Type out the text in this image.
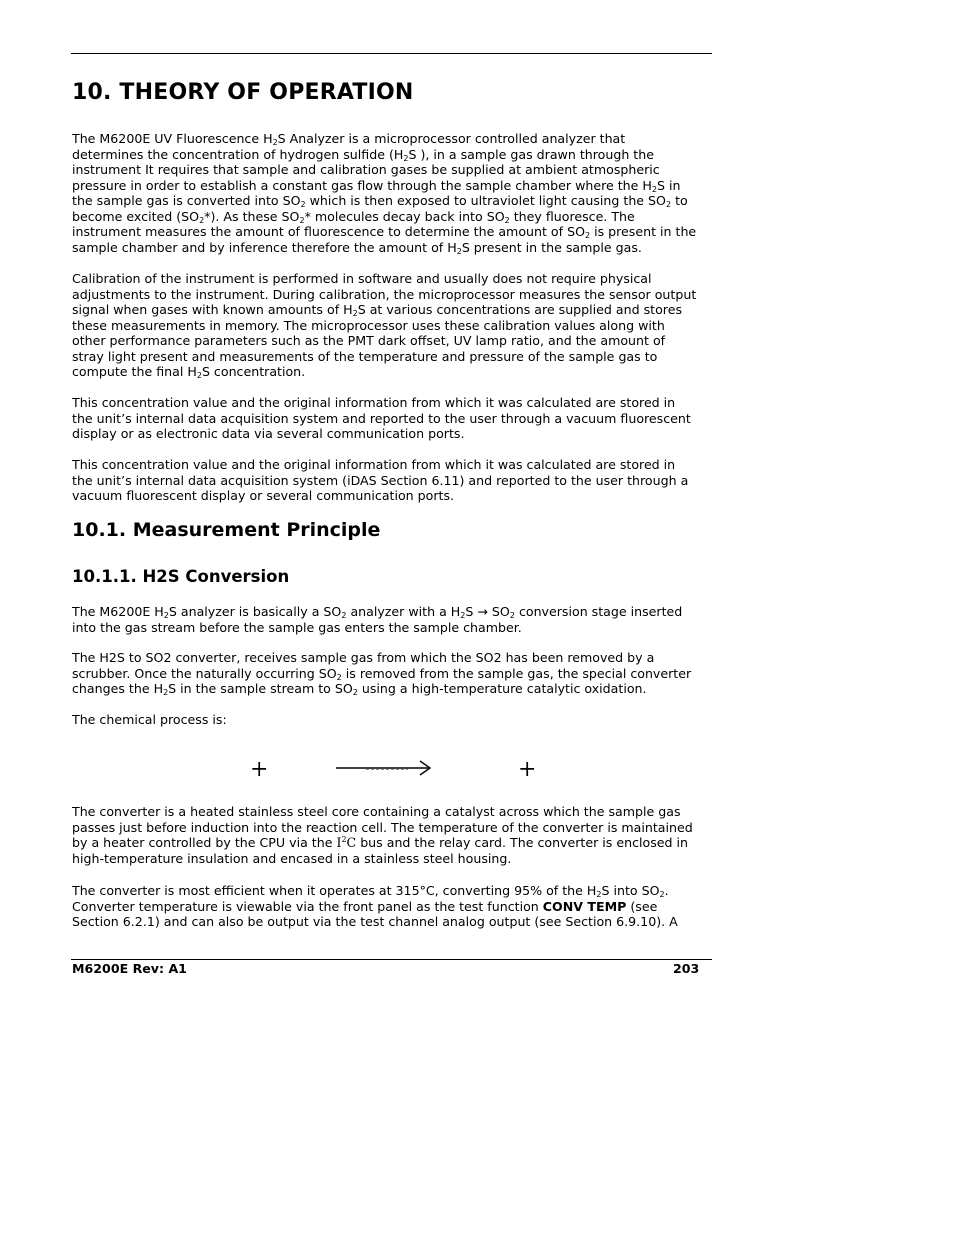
10. THEORY OF OPERATION
The M6200E UV Fluorescence $H_2S$ Analyzer is a microprocessor controlled analyzer that
determines the concentration of hydrogen sulfide ($H_2S$ ), in a sample gas drawn through the
instrument It requires that sample and calibration gases be supplied at ambient atmospheric
pressure in order to establish a constant gas flow through the sample chamber where the $H_2S$ in
the sample gas is converted into $SO_2$ which is then exposed to ultraviolet light causing the $SO_2$ to
become excited $(SO_2*)$. As these $SO_2*$ molecules decay back into $SO_2$ they fluoresce. The
instrument measures the amount of fluorescence to determine the amount of $SO_2$ is present in the
sample chamber and by inference therefore the amount of $H_2S$ present in the sample gas.
Calibration of the instrument is performed in software and usually does not require physical
adjustments to the instrument. During calibration, the microprocessor measures the sensor output
signal when gases with known amounts of $H_2S$ at various concentrations are supplied and stores
these measurements in memory. The microprocessor uses these calibration values along with
other performance parameters such as the PMT dark offset, UV lamp ratio, and the amount of
stray light present and measurements of the temperature and pressure of the sample gas to
compute the final $H_2S$ concentration.
This concentration value and the original information from which it was calculated are stored in
the unit’s internal data acquisition system and reported to the user through a vacuum fluorescent
display or as electronic data via several communication ports.
This concentration value and the original information from which it was calculated are stored in
the unit’s internal data acquisition system (iDAS Section 6.11) and reported to the user through a
vacuum fluorescent display or several communication ports.
10.1. Measurement Principle
10.1.1. H2S Conversion
The M6200E $H_2S$ analyzer is basically a $SO_2$ analyzer with a $H_2S \to SO_2$ conversion stage inserted
into the gas stream before the sample gas enters the sample chamber.
The H2S to SO2 converter, receives sample gas from which the SO2 has been removed by a
scrubber. Once the naturally occurring $SO_2$ is removed from the sample gas, the special converter
changes the $H_2S$ in the sample stream to $SO_2$ using a high-temperature catalytic oxidation.
The chemical process is:
+	+
The converter is a heated stainless steel core containing a catalyst across which the sample gas
passes just before induction into the reaction cell. The temperature of the converter is maintained
by a heater controlled by the CPU via the $I^2C$ bus and the relay card. The converter is enclosed in
high-temperature insulation and encased in a stainless steel housing.
The converter is most efficient when it operates at 315°C, converting 95% of the $H_2S$ into $SO_2$.
Converter temperature is viewable via the front panel as the test function CONV TEMP (see
Section 6.2.1) and can also be output via the test channel analog output (see Section 6.9.10). A
M6200E Rev: A1	203
